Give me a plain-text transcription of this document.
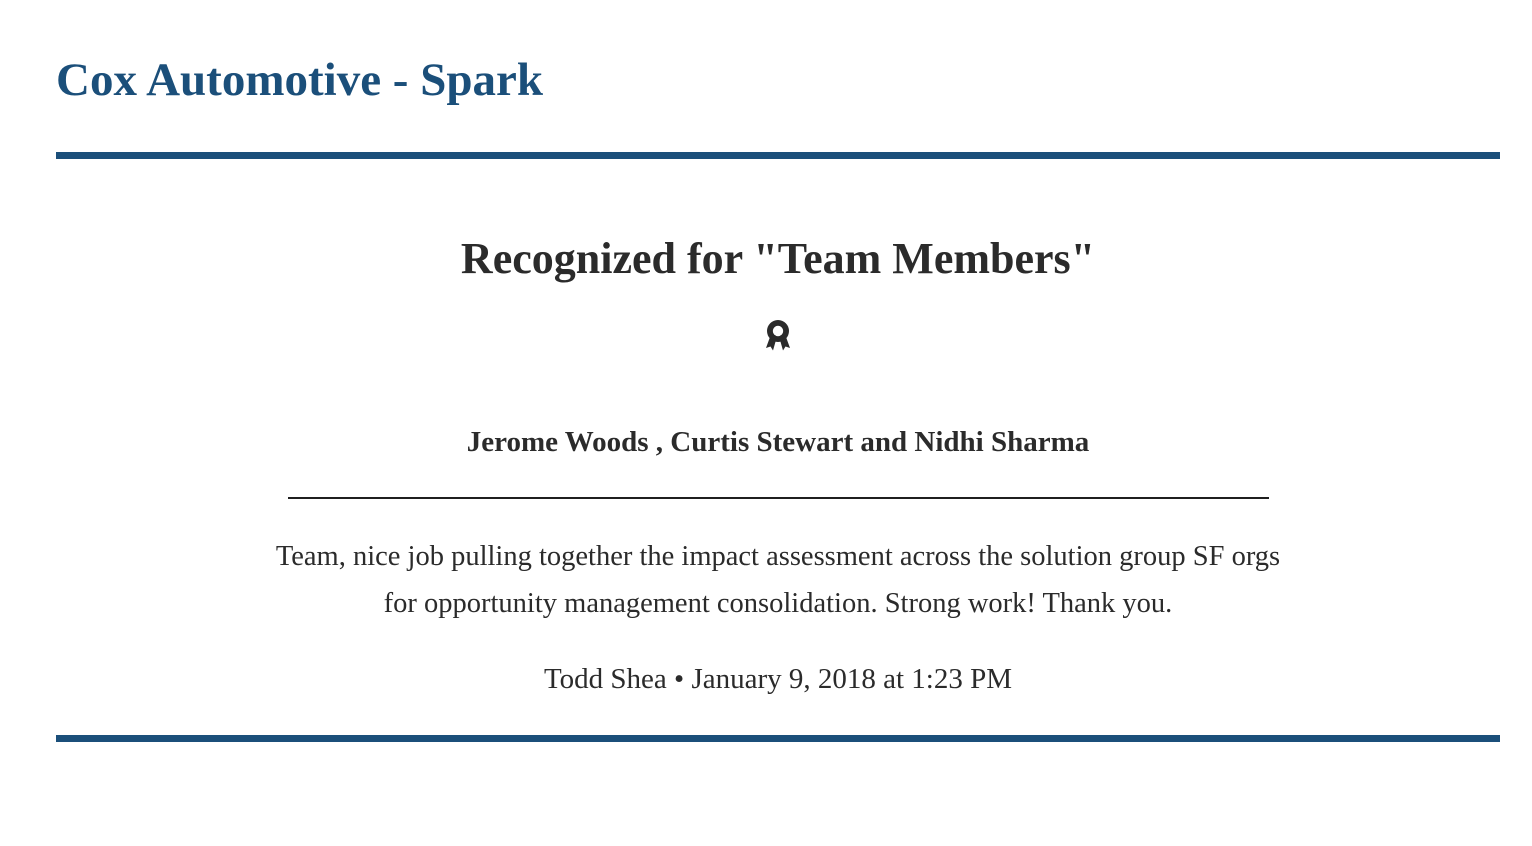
Cox Automotive - Spark
Recognized for "Team Members"

Jerome Woods , Curtis Stewart and Nidhi Sharma

Team, nice job pulling together the impact assessment across the solution group SF orgs for opportunity management consolidation. Strong work! Thank you.

Todd Shea • January 9, 2018 at 1:23 PM
